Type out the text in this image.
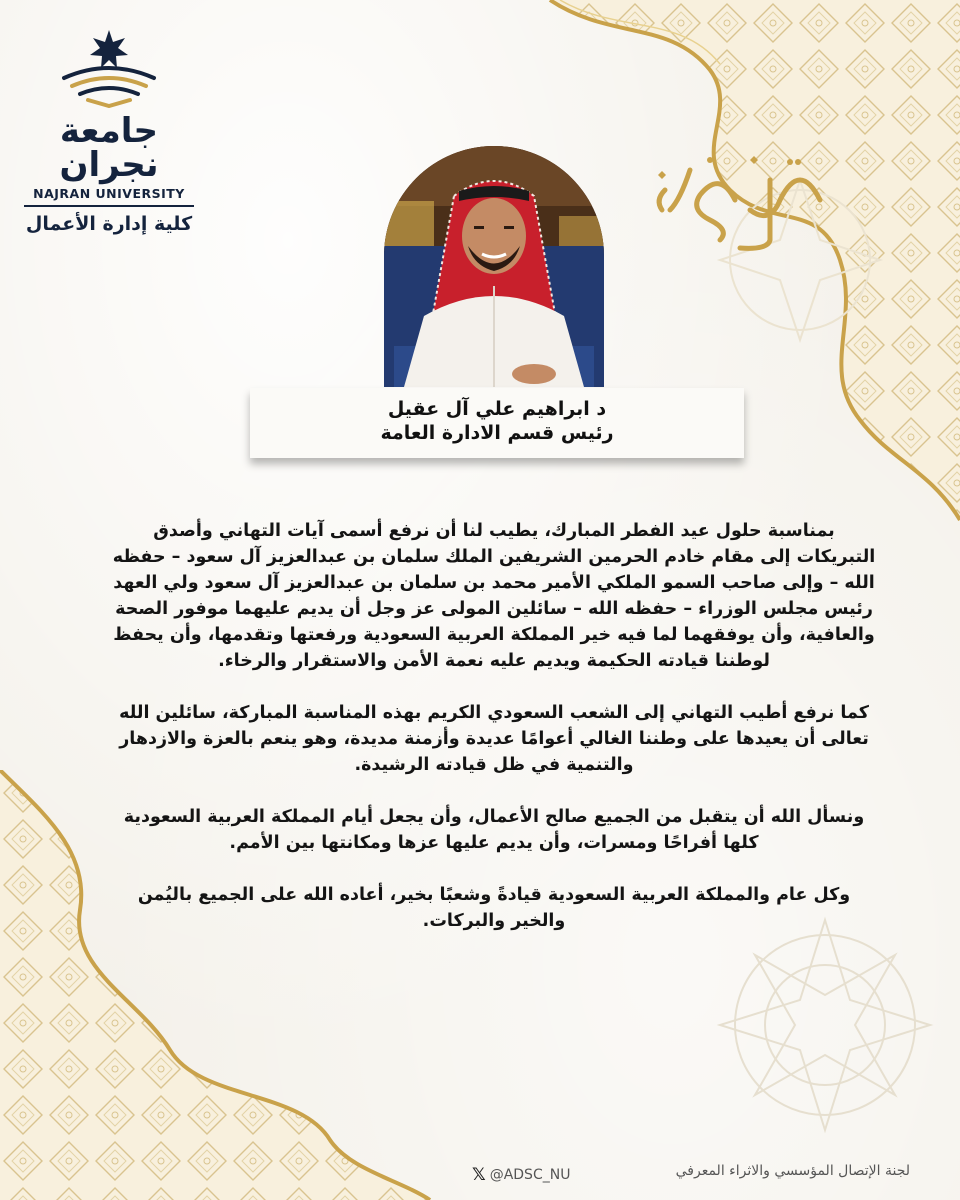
جامعة نجران
NAJRAN UNIVERSITY
كلية إدارة الأعمال
د ابراهيم علي آل عقيل
رئيس قسم الادارة العامة

بمناسبة حلول عيد الفطر المبارك، يطيب لنا أن نرفع أسمى آيات التهاني وأصدق التبريكات إلى مقام خادم الحرمين الشريفين الملك سلمان بن عبدالعزيز آل سعود – حفظه الله – وإلى صاحب السمو الملكي الأمير محمد بن سلمان بن عبدالعزيز آل سعود ولي العهد رئيس مجلس الوزراء – حفظه الله – سائلين المولى عز وجل أن يديم عليهما موفور الصحة والعافية، وأن يوفقهما لما فيه خير المملكة العربية السعودية ورفعتها وتقدمها، وأن يحفظ لوطننا قيادته الحكيمة ويديم عليه نعمة الأمن والاستقرار والرخاء.

كما نرفع أطيب التهاني إلى الشعب السعودي الكريم بهذه المناسبة المباركة، سائلين الله تعالى أن يعيدها على وطننا الغالي أعوامًا عديدة وأزمنة مديدة، وهو ينعم بالعزة والازدهار والتنمية في ظل قيادته الرشيدة.

ونسأل الله أن يتقبل من الجميع صالح الأعمال، وأن يجعل أيام المملكة العربية السعودية كلها أفراحًا ومسرات، وأن يديم عليها عزها ومكانتها بين الأمم.

وكل عام والمملكة العربية السعودية قيادةً وشعبًا بخير، أعاده الله على الجميع باليُمن والخير والبركات.

𝕏 @ADSC_NU	لجنة الإتصال المؤسسي والاثراء المعرفي
